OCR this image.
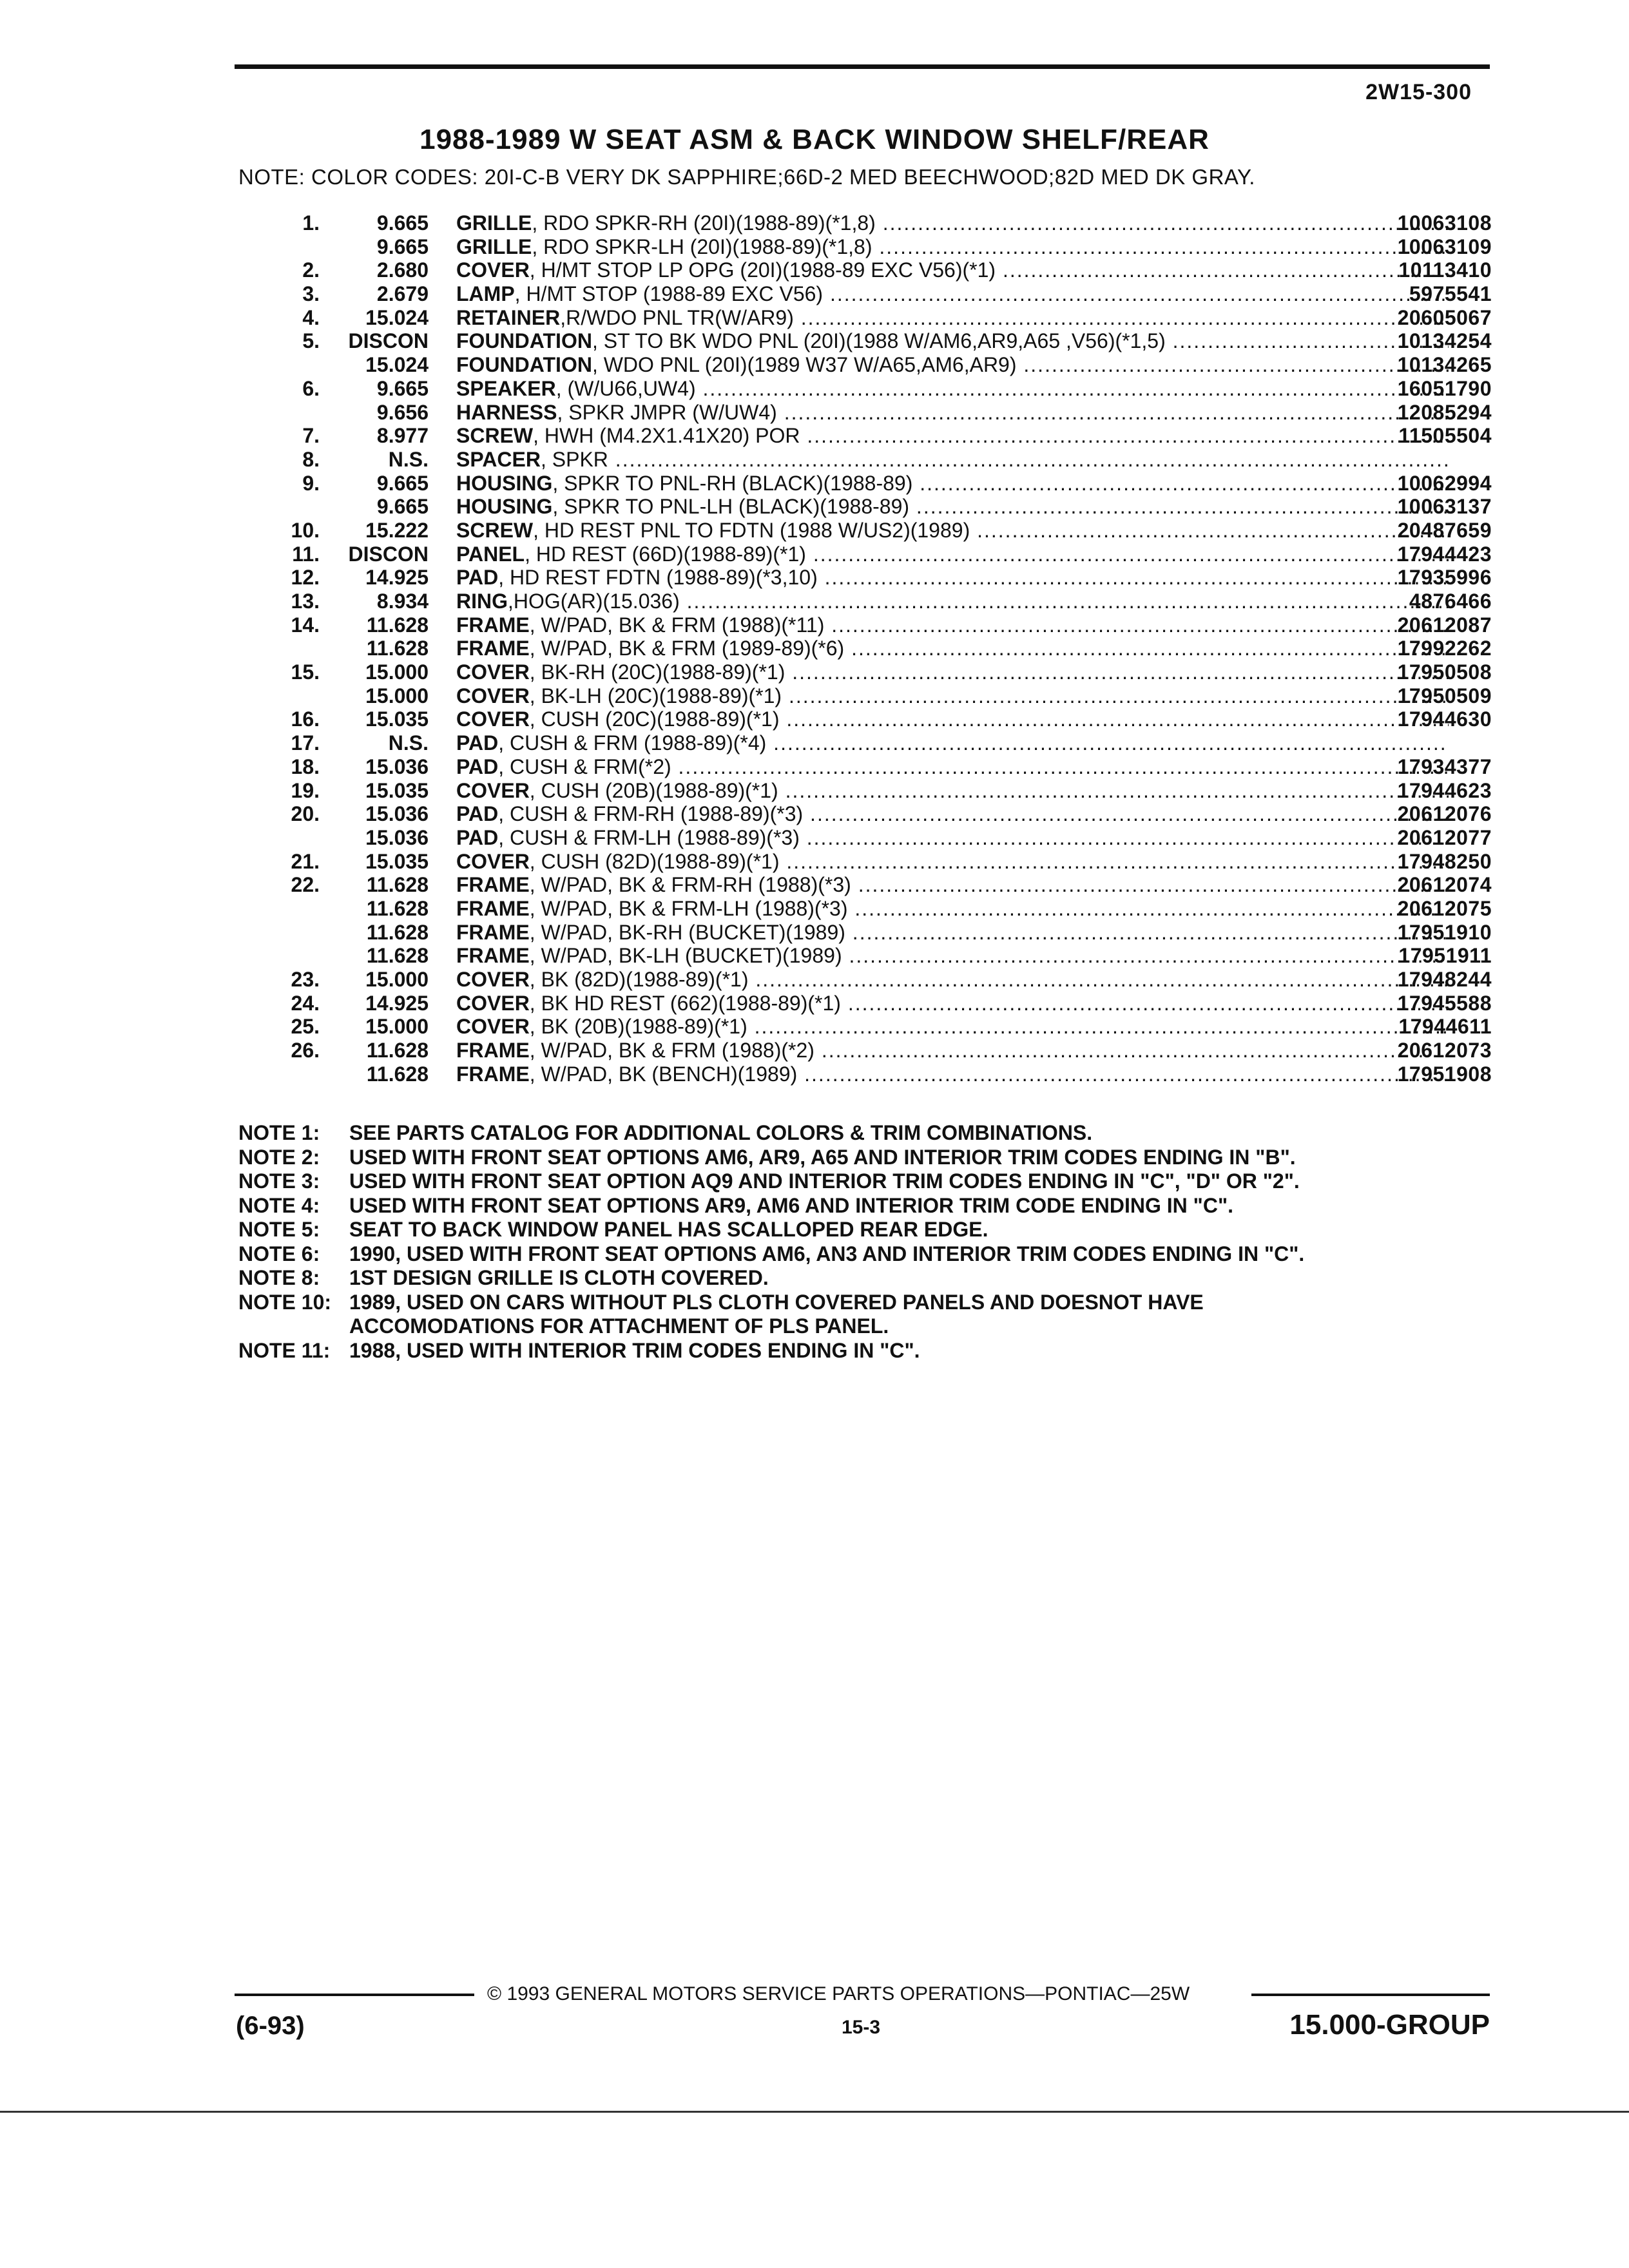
2W15-300
1988-1989 W SEAT ASM & BACK WINDOW SHELF/REAR
NOTE: COLOR CODES: 20I-C-B VERY DK SAPPHIRE;66D-2 MED BEECHWOOD;82D MED DK GRAY.
1.	9.665 GRILLE, RDO SPKR-RH (20I)(1988-89)(*1,8) .....	10063108
9.665 GRILLE, RDO SPKR-LH (20I)(1988-89)(*1,8) .....	10063109
2.	2.680 COVER, H/MT STOP LP OPG (20I)(1988-89 EXC V56)(*1) .....	10113410
3.	2.679 LAMP, H/MT STOP (1988-89 EXC V56) .....	5975541
4.	15.024 RETAINER,R/WDO PNL TR(W/AR9) .....	20605067
5.	DISCON FOUNDATION, ST TO BK WDO PNL (20I)(1988 W/AM6,AR9,A65 ,V56)(*1,5) .....	10134254
15.024 FOUNDATION, WDO PNL (20I)(1989 W37 W/A65,AM6,AR9) .....	10134265
6.	9.665 SPEAKER, (W/U66,UW4) .....	16051790
9.656 HARNESS, SPKR JMPR (W/UW4) .....	12085294
7.	8.977 SCREW, HWH (M4.2X1.41X20) POR .....	11505504
8.	N.S. SPACER, SPKR .....
9.	9.665 HOUSING, SPKR TO PNL-RH (BLACK)(1988-89) .....	10062994
9.665 HOUSING, SPKR TO PNL-LH (BLACK)(1988-89) .....	10063137
10.	15.222 SCREW, HD REST PNL TO FDTN (1988 W/US2)(1989) .....	20487659
11.	DISCON PANEL, HD REST (66D)(1988-89)(*1) .....	17944423
12.	14.925 PAD, HD REST FDTN (1988-89)(*3,10) .....	17935996
13.	8.934 RING,HOG(AR)(15.036) .....	4876466
14.	11.628 FRAME, W/PAD, BK & FRM (1988)(*11) .....	20612087
11.628 FRAME, W/PAD, BK & FRM (1989-89)(*6) .....	17992262
15.	15.000 COVER, BK-RH (20C)(1988-89)(*1) .....	17950508
15.000 COVER, BK-LH (20C)(1988-89)(*1) .....	17950509
16.	15.035 COVER, CUSH (20C)(1988-89)(*1) .....	17944630
17.	N.S. PAD, CUSH & FRM (1988-89)(*4) .....
18.	15.036 PAD, CUSH & FRM(*2) .....	17934377
19.	15.035 COVER, CUSH (20B)(1988-89)(*1) .....	17944623
20.	15.036 PAD, CUSH & FRM-RH (1988-89)(*3) .....	20612076
15.036 PAD, CUSH & FRM-LH (1988-89)(*3) .....	20612077
21.	15.035 COVER, CUSH (82D)(1988-89)(*1) .....	17948250
22.	11.628 FRAME, W/PAD, BK & FRM-RH (1988)(*3) .....	20612074
11.628 FRAME, W/PAD, BK & FRM-LH (1988)(*3) .....	20612075
11.628 FRAME, W/PAD, BK-RH (BUCKET)(1989) .....	17951910
11.628 FRAME, W/PAD, BK-LH (BUCKET)(1989) .....	17951911
23.	15.000 COVER, BK (82D)(1988-89)(*1) .....	17948244
24.	14.925 COVER, BK HD REST (662)(1988-89)(*1) .....	17945588
25.	15.000 COVER, BK (20B)(1988-89)(*1) .....	17944611
26.	11.628 FRAME, W/PAD, BK & FRM (1988)(*2) .....	20612073
11.628 FRAME, W/PAD, BK (BENCH)(1989) .....	17951908
NOTE 1: SEE PARTS CATALOG FOR ADDITIONAL COLORS & TRIM COMBINATIONS.
NOTE 2: USED WITH FRONT SEAT OPTIONS AM6, AR9, A65 AND INTERIOR TRIM CODES ENDING IN "B".
NOTE 3: USED WITH FRONT SEAT OPTION AQ9 AND INTERIOR TRIM CODES ENDING IN "C", "D" OR "2".
NOTE 4: USED WITH FRONT SEAT OPTIONS AR9, AM6 AND INTERIOR TRIM CODE ENDING IN "C".
NOTE 5: SEAT TO BACK WINDOW PANEL HAS SCALLOPED REAR EDGE.
NOTE 6: 1990, USED WITH FRONT SEAT OPTIONS AM6, AN3 AND INTERIOR TRIM CODES ENDING IN "C".
NOTE 8: 1ST DESIGN GRILLE IS CLOTH COVERED.
NOTE 10: 1989, USED ON CARS WITHOUT PLS CLOTH COVERED PANELS AND DOESNOT HAVE
ACCOMODATIONS FOR ATTACHMENT OF PLS PANEL.
NOTE 11: 1988, USED WITH INTERIOR TRIM CODES ENDING IN "C".
© 1993 GENERAL MOTORS SERVICE PARTS OPERATIONS—PONTIAC—25W
(6-93)	15-3	15.000-GROUP
